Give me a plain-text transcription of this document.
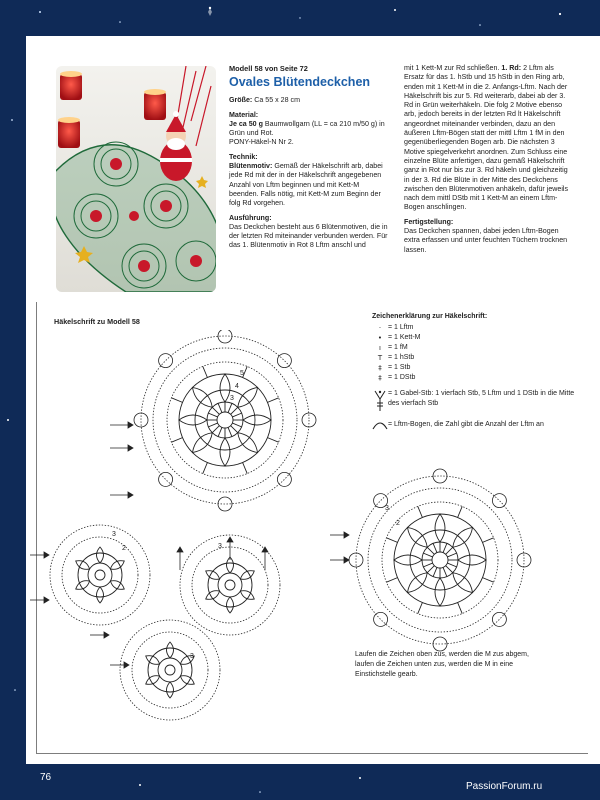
Modell 58 von Seite 72

Ovales Blütendeckchen

Größe: Ca 55 x 28 cm

Material:

Je ca 50 g Baumwollgarn (LL = ca 210 m/50 g) in Grün und Rot.

PONY-Häkel-N Nr 2.

Technik:

Blütenmotiv: Gemäß der Häkelschrift arb, dabei jede Rd mit der in der Häkelschrift angegebenen Anzahl von Lftm beginnen und mit Kett-M beenden. Falls nötig, mit Kett-M zum Beginn der folg Rd vorgehen.

Ausführung:

Das Deckchen besteht aus 6 Blütenmotiven, die in der letzten Rd miteinander verbunden werden. Für das 1. Blütenmotiv in Rot 8 Lftm anschl und

mit 1 Kett-M zur Rd schließen. 1. Rd: 2 Lftm als Ersatz für das 1. hStb und 15 hStb in den Ring arb, enden mit 1 Kett-M in die 2. Anfangs-Lftm. Nach der Häkelschrift bis zur 5. Rd weiterarb, dabei ab der 3. Rd in Grün weiterhäkeln. Die folg 2 Motive ebenso arb, jedoch bereits in der letzten Rd lt Häkelschrift angeordnet miteinander verbinden, dazu an den äußeren Lftm-Bögen statt der mittl Lftm 1 fM in den gegenüberliegenden Bogen arb. Die nächsten 3 Motive spiegelverkehrt anordnen. Zum Schluss eine einzelne Blüte anfertigen, dazu gemäß Häkelschrift ganz in Rot nur bis zur 3. Rd häkeln und gleichzeitig in der 3. Rd die Blüte in der Mitte des Deckchens zwischen den Blütenmotiven anhäkeln, dafür jeweils nach dem mittl DStb mit 1 Kett-M an einem Lftm-Bogen anschlingen.

Fertigstellung:

Das Deckchen spannen, dabei jeden Lftm-Bogen extra erfassen und unter feuchten Tüchern trocknen lassen.

Häkelschrift zu Modell 58
Zeichenerklärung zur Häkelschrift:
· = 1 Lftm
• = 1 Kett-M
ı	= 1 fM
T = 1 hStb
‡ = 1 Stb
‡ = 1 DStb
= 1 Gabel-Stb: 1 vierfach Stb, 5 Lftm und 1 DStb in die Mitte des vierfach Stb
= Lftm-Bogen, die Zahl gibt die Anzahl der Lftm an
5
4
3
3
2
3
2
3
3	Laufen die Zeichen oben zus, werden die M zus abgem, laufen die Zeichen unten zus, werden die M in eine Einstichstelle gearb.
76
PassionForum.ru
